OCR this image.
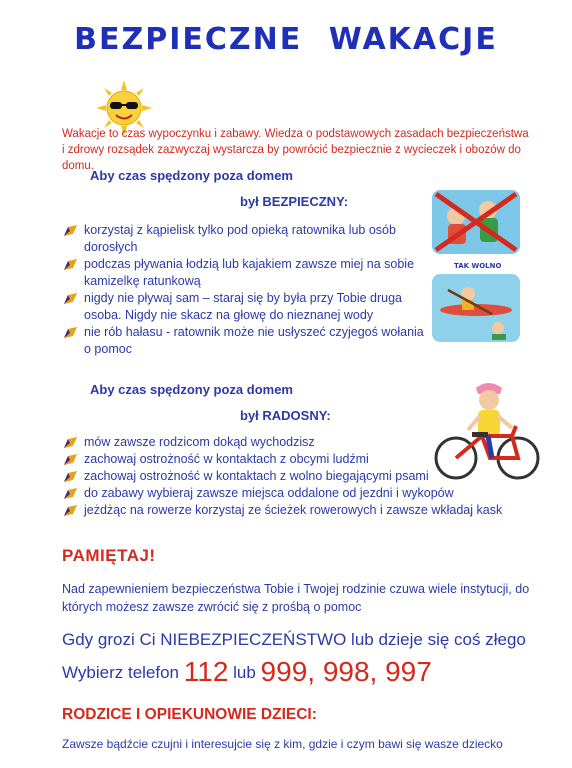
BEZPIECZNE WAKACJE

Wakacje to czas wypoczynku i zabawy. Wiedza o podstawowych zasadach bezpieczeństwa i zdrowy rozsądek zazwyczaj wystarcza by powrócić bezpiecznie z wycieczek i obozów do domu.

Aby czas spędzony poza domem

był BEZPIECZNY:

korzystaj z kąpielisk tylko pod opieką ratownika lub osób dorosłych
podczas pływania łodzią lub kajakiem zawsze miej na sobie kamizelkę ratunkową
nigdy nie pływaj sam – staraj się by była przy Tobie druga osoba. Nigdy nie skacz na głowę do nieznanej wody
nie rób hałasu - ratownik może nie usłyszeć czyjegoś wołania o pomoc
TAK WOLNO

Aby czas spędzony poza domem

był RADOSNY:

mów zawsze rodzicom dokąd wychodzisz
zachowaj ostrożność w kontaktach z obcymi ludźmi
zachowaj ostrożność w kontaktach z wolno biegającymi psami
do zabawy wybieraj zawsze miejsca oddalone od jezdni i wykopów
jeżdżąc na rowerze korzystaj ze ścieżek rowerowych i zawsze wkładaj kask

PAMIĘTAJ!

Nad zapewnieniem bezpieczeństwa Tobie i Twojej rodzinie czuwa wiele instytucji, do których możesz zawsze zwrócić się z prośbą o pomoc

Gdy grozi Ci NIEBEZPIECZEŃSTWO lub dzieje się coś złego

Wybierz telefon 112 lub 999, 998, 997

RODZICE I OPIEKUNOWIE DZIECI:

Zawsze bądźcie czujni i interesujcie się z kim, gdzie i czym bawi się wasze dziecko
